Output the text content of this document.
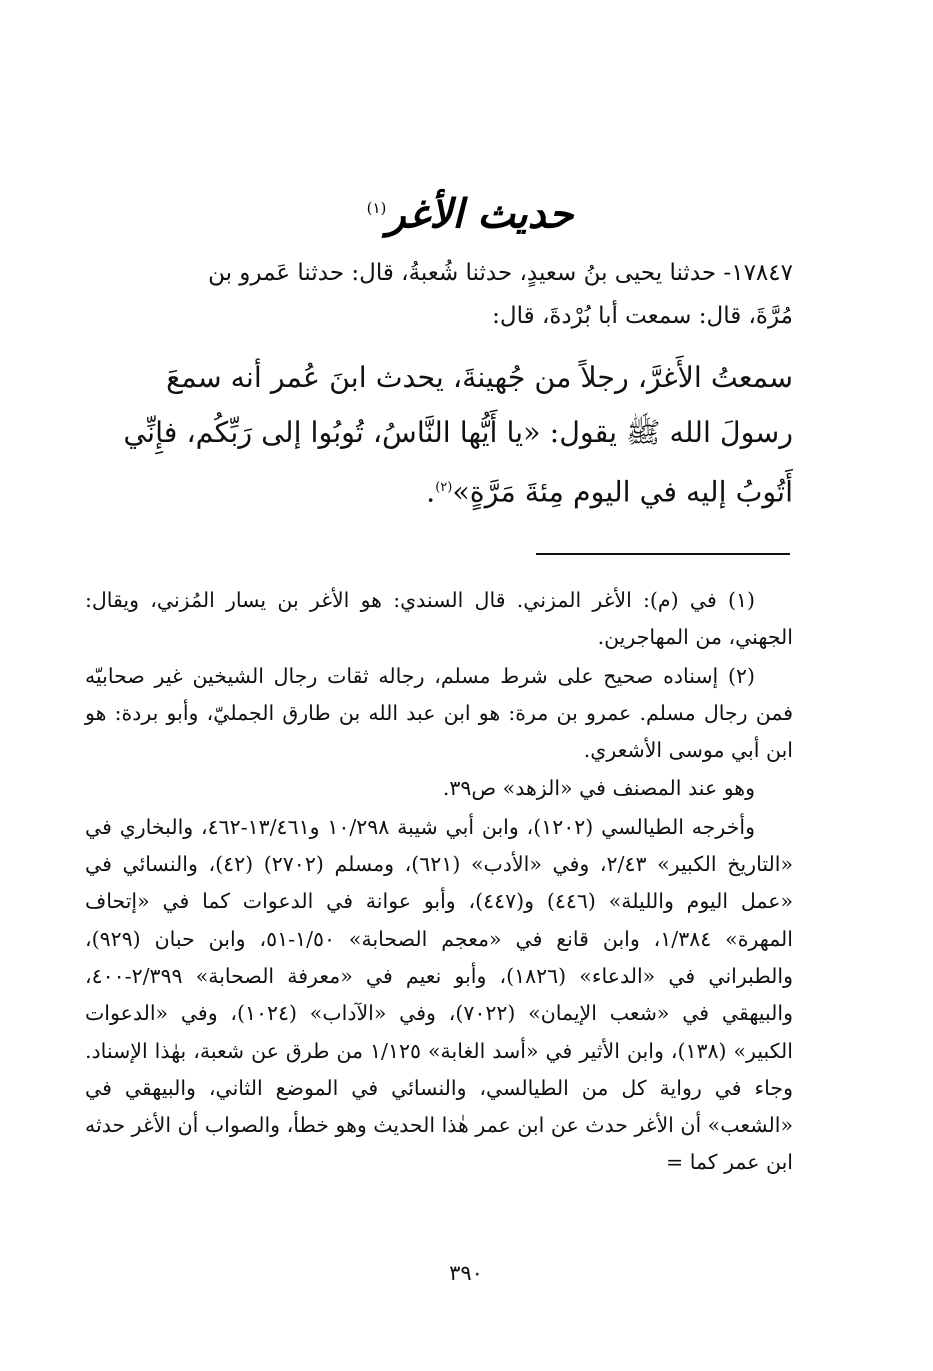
حديث الأغر$^{(١)}$

١٧٨٤٧- حدثنا يحيى بنُ سعيدٍ، حدثنا شُعبةُ، قال: حدثنا عَمرو بن

مُرَّةَ، قال: سمعت أبا بُرْدةَ، قال:

سمعتُ الأَغرَّ، رجلاً من جُهينةَ، يحدث ابنَ عُمر أنه سمعَ

رسولَ الله ﷺ يقول: «يا أَيُّها النَّاسُ، تُوبُوا إلى رَبِّكُم، فإِنِّي

أَتُوبُ إليه في اليوم مِئةَ مَرَّةٍ»$^{(٢)}$.

(١) في (م): الأغر المزني. قال السندي: هو الأغر بن يسار المُزني، ويقال: الجهني، من المهاجرين.

(٢) إسناده صحيح على شرط مسلم، رجاله ثقات رجال الشيخين غير صحابيّه فمن رجال مسلم. عمرو بن مرة: هو ابن عبد الله بن طارق الجمليّ، وأبو بردة: هو ابن أبي موسى الأشعري.

وهو عند المصنف في «الزهد» ص٣٩.

وأخرجه الطيالسي (١٢٠٢)، وابن أبي شيبة ١٠/٢٩٨ و١٣/٤٦١-٤٦٢، والبخاري في «التاريخ الكبير» ٢/٤٣، وفي «الأدب» (٦٢١)، ومسلم (٢٧٠٢) (٤٢)، والنسائي في «عمل اليوم والليلة» (٤٤٦) و(٤٤٧)، وأبو عوانة في الدعوات كما في «إتحاف المهرة» ١/٣٨٤، وابن قانع في «معجم الصحابة» ١/٥٠-٥١، وابن حبان (٩٢٩)، والطبراني في «الدعاء» (١٨٢٦)، وأبو نعيم في «معرفة الصحابة» ٢/٣٩٩-٤٠٠، والبيهقي في «شعب الإيمان» (٧٠٢٢)، وفي «الآداب» (١٠٢٤)، وفي «الدعوات الكبير» (١٣٨)، وابن الأثير في «أسد الغابة» ١/١٢٥ من طرق عن شعبة، بهٰذا الإسناد. وجاء في رواية كل من الطيالسي، والنسائي في الموضع الثاني، والبيهقي في «الشعب» أن الأغر حدث عن ابن عمر هٰذا الحديث وهو خطأ، والصواب أن الأغر حدثه ابن عمر كما =

٣٩٠
